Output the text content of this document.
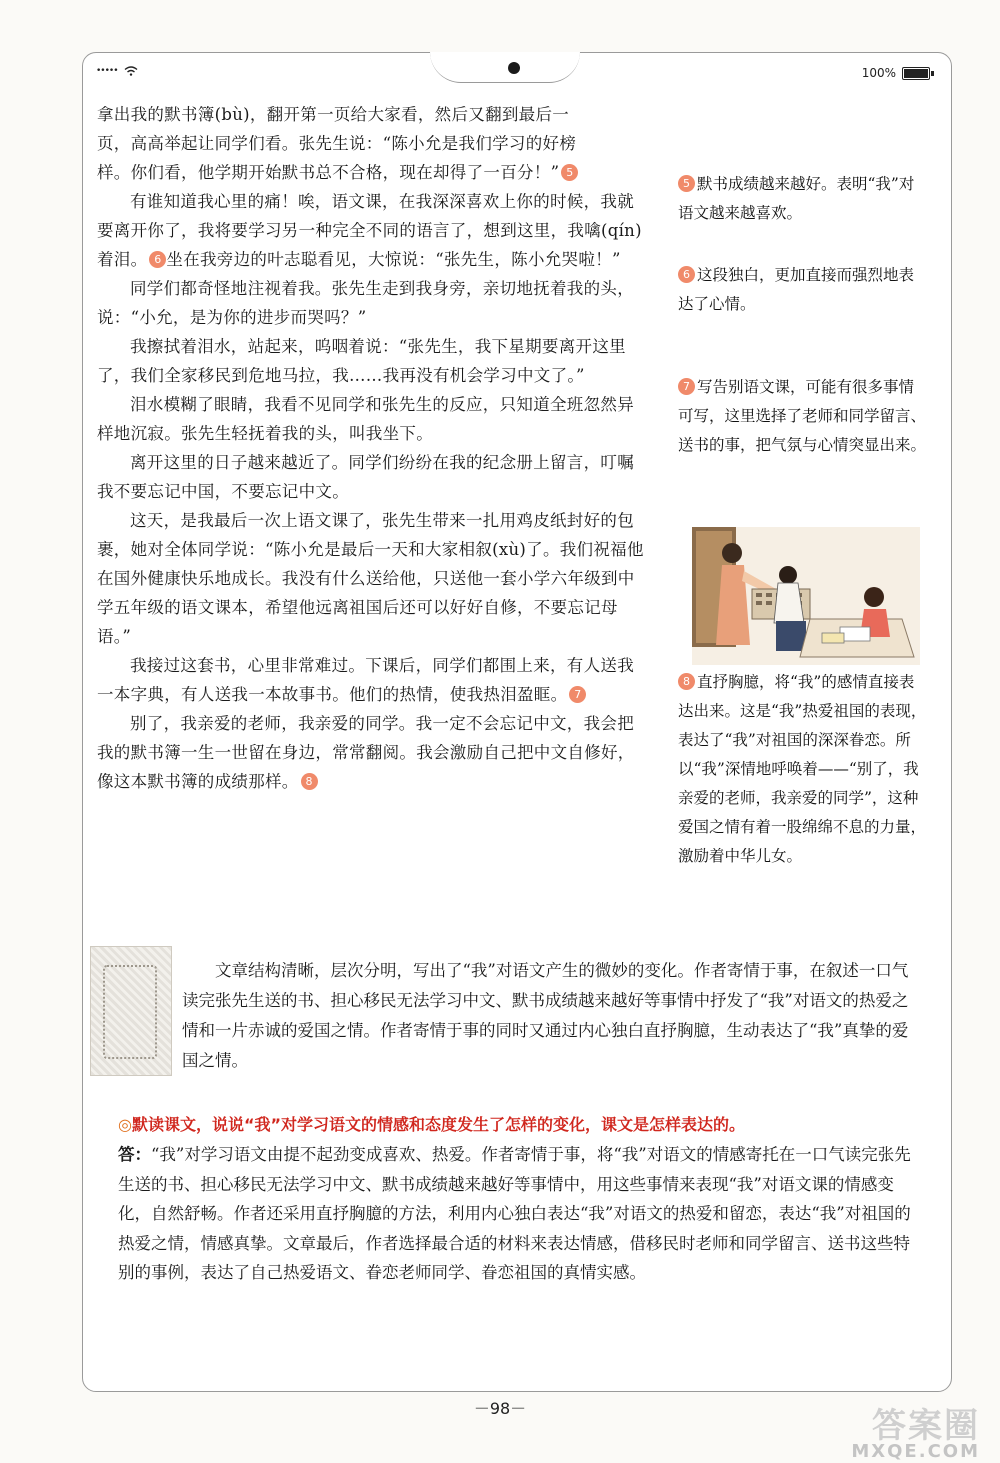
•••••	100%

拿出我的默书簿(bù)，翻开第一页给大家看，然后又翻到最后一
页，高高举起让同学们看。张先生说：“陈小允是我们学习的好榜
样。你们看，他学期开始默书总不合格，现在却得了一百分！” 5

有谁知道我心里的痛！唉，语文课，在我深深喜欢上你的时候，我就要离开你了，我将要学习另一种完全不同的语言了，想到这里，我噙(qín)着泪。 6 坐在我旁边的叶志聪看见，大惊说：“张先生，陈小允哭啦！”

同学们都奇怪地注视着我。张先生走到我身旁，亲切地抚着我的头，说：“小允，是为你的进步而哭吗？”

我擦拭着泪水，站起来，呜咽着说：“张先生，我下星期要离开这里了，我们全家移民到危地马拉，我……我再没有机会学习中文了。”

泪水模糊了眼睛，我看不见同学和张先生的反应，只知道全班忽然异样地沉寂。张先生轻抚着我的头，叫我坐下。

离开这里的日子越来越近了。同学们纷纷在我的纪念册上留言，叮嘱我不要忘记中国，不要忘记中文。

这天，是我最后一次上语文课了，张先生带来一扎用鸡皮纸封好的包裹，她对全体同学说：“陈小允是最后一天和大家相叙(xù)了。我们祝福他在国外健康快乐地成长。我没有什么送给他，只送他一套小学六年级到中学五年级的语文课本，希望他远离祖国后还可以好好自修，不要忘记母语。”

我接过这套书，心里非常难过。下课后，同学们都围上来，有人送我一本字典，有人送我一本故事书。他们的热情，使我热泪盈眶。 7

别了，我亲爱的老师，我亲爱的同学。我一定不会忘记中文，我会把我的默书簿一生一世留在身边，常常翻阅。我会激励自己把中文自修好，像这本默书簿的成绩那样。 8

5 默书成绩越来越好。表明“我”对语文越来越喜欢。
6 这段独白，更加直接而强烈地表达了心情。
7 写告别语文课，可能有很多事情可写，这里选择了老师和同学留言、送书的事，把气氛与心情突显出来。
8 直抒胸臆，将“我”的感情直接表达出来。这是“我”热爱祖国的表现，表达了“我”对祖国的深深眷恋。所以“我”深情地呼唤着——“别了，我亲爱的老师，我亲爱的同学”，这种爱国之情有着一股绵绵不息的力量，激励着中华儿女。

文章结构清晰，层次分明，写出了“我”对语文产生的微妙的变化。作者寄情于事，在叙述一口气读完张先生送的书、担心移民无法学习中文、默书成绩越来越好等事情中抒发了“我”对语文的热爱之情和一片赤诚的爱国之情。作者寄情于事的同时又通过内心独白直抒胸臆，生动表达了“我”真挚的爱国之情。

◎默读课文，说说“我”对学习语文的情感和态度发生了怎样的变化，课文是怎样表达的。

答：“我”对学习语文由提不起劲变成喜欢、热爱。作者寄情于事，将“我”对语文的情感寄托在一口气读完张先生送的书、担心移民无法学习中文、默书成绩越来越好等事情中，用这些事情来表现“我”对语文课的情感变化，自然舒畅。作者还采用直抒胸臆的方法，利用内心独白表达“我”对语文的热爱和留恋，表达“我”对祖国的热爱之情，情感真挚。文章最后，作者选择最合适的材料来表达情感，借移民时老师和同学留言、送书这些特别的事例，表达了自己热爱语文、眷恋老师同学、眷恋祖国的真情实感。

－98－	答案圈
MXQE.COM
